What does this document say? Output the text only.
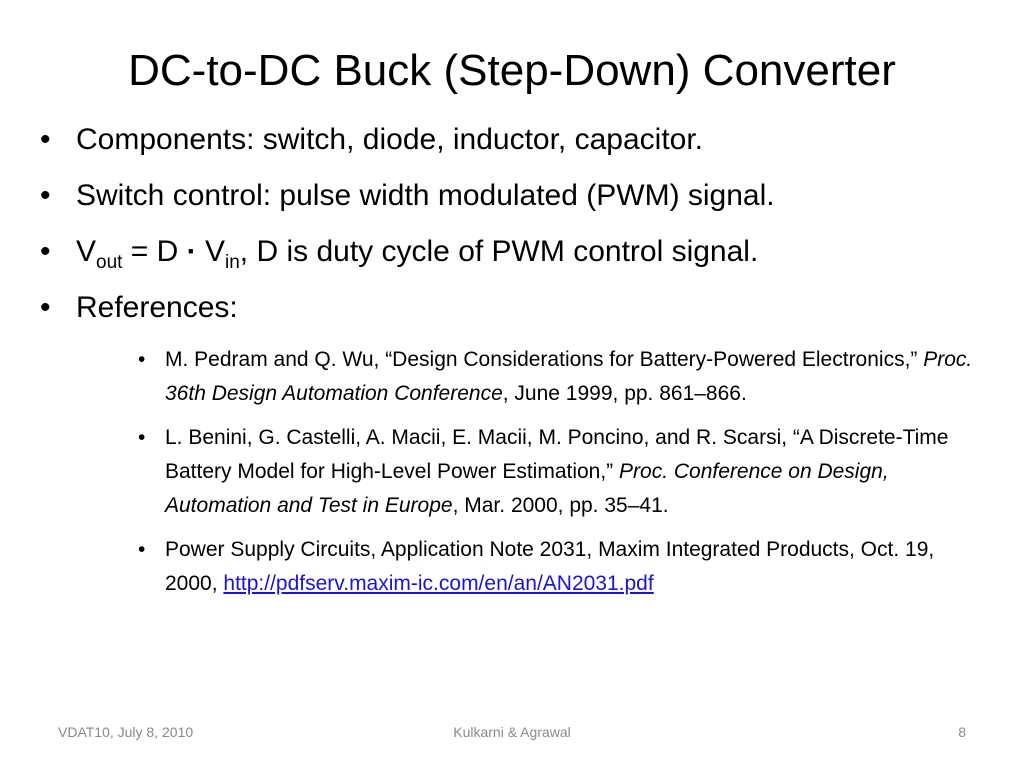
DC-to-DC Buck (Step-Down) Converter
• Components: switch, diode, inductor, capacitor.
• Switch control: pulse width modulated (PWM) signal.
• $V_{out} = D \cdot V_{in}$, D is duty cycle of PWM control signal.
• References:
• M. Pedram and Q. Wu, “Design Considerations for Battery-Powered Electronics,” Proc. 36th Design Automation Conference, June 1999, pp. 861–866.
• L. Benini, G. Castelli, A. Macii, E. Macii, M. Poncino, and R. Scarsi, “A Discrete-Time Battery Model for High-Level Power Estimation,” Proc. Conference on Design, Automation and Test in Europe, Mar. 2000, pp. 35–41.
• Power Supply Circuits, Application Note 2031, Maxim Integrated Products, Oct. 19, 2000, http://pdfserv.maxim-ic.com/en/an/AN2031.pdf
VDAT10, July 8, 2010	Kulkarni & Agrawal	8
